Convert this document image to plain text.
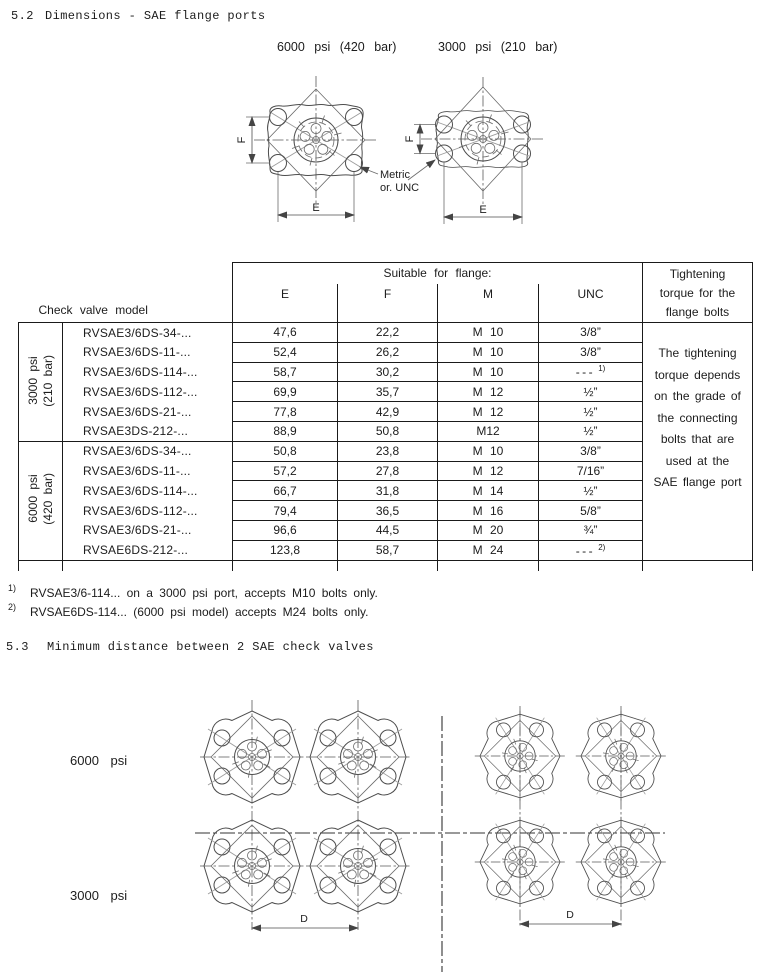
F
E
F
E
Metric
or. UNC
D	D
5.2 Dimensions - SAE flange ports
6000 psi (420 bar)	3000 psi (210 bar)
Check valve model		Suitable for flange:				Tightening
torque for the
flange bolts

		E	F	M	UNC	

3000 psi (210 bar)
	RVSAE3/6DS-34-...	47,6	22,2	M 10	3/8”	
The tightening
torque depends
on the grade of
the connecting
bolts that are
used at the
SAE flange port

	RVSAE3/6DS-11-...	52,4	26,2	M 10	3/8”	
	RVSAE3/6DS-114-...	58,7	30,2	M 10	--- $^{1)}$
	RVSAE3/6DS-112-...	69,9	35,7	M 12	½”	
	RVSAE3/6DS-21-...	77,8	42,9	M 12	½”	
	RVSAE3DS-212-...	88,9	50,8	M12	½”	

6000 psi (420 bar)	RVSAE3/6DS-34-...	50,8	23,8	M 10	3/8”	
	RVSAE3/6DS-11-...	57,2	27,8	M 12	7/16”	
	RVSAE3/6DS-114-...	66,7	31,8	M 14	½”	
	RVSAE3/6DS-112-...	79,4	36,5	M 16	5/8”	
	RVSAE3/6DS-21-...	96,6	44,5	M 20	¾”	
	RVSAE6DS-212-...	123,8	58,7	M 24	--- $^{2)}$

1) RVSAE3/6-114... on a 3000 psi port, accepts M10 bolts only.
2) RVSAE6DS-114... (6000 psi model) accepts M24 bolts only.
5.3 Minimum distance between 2 SAE check valves
6000 psi
3000 psi
